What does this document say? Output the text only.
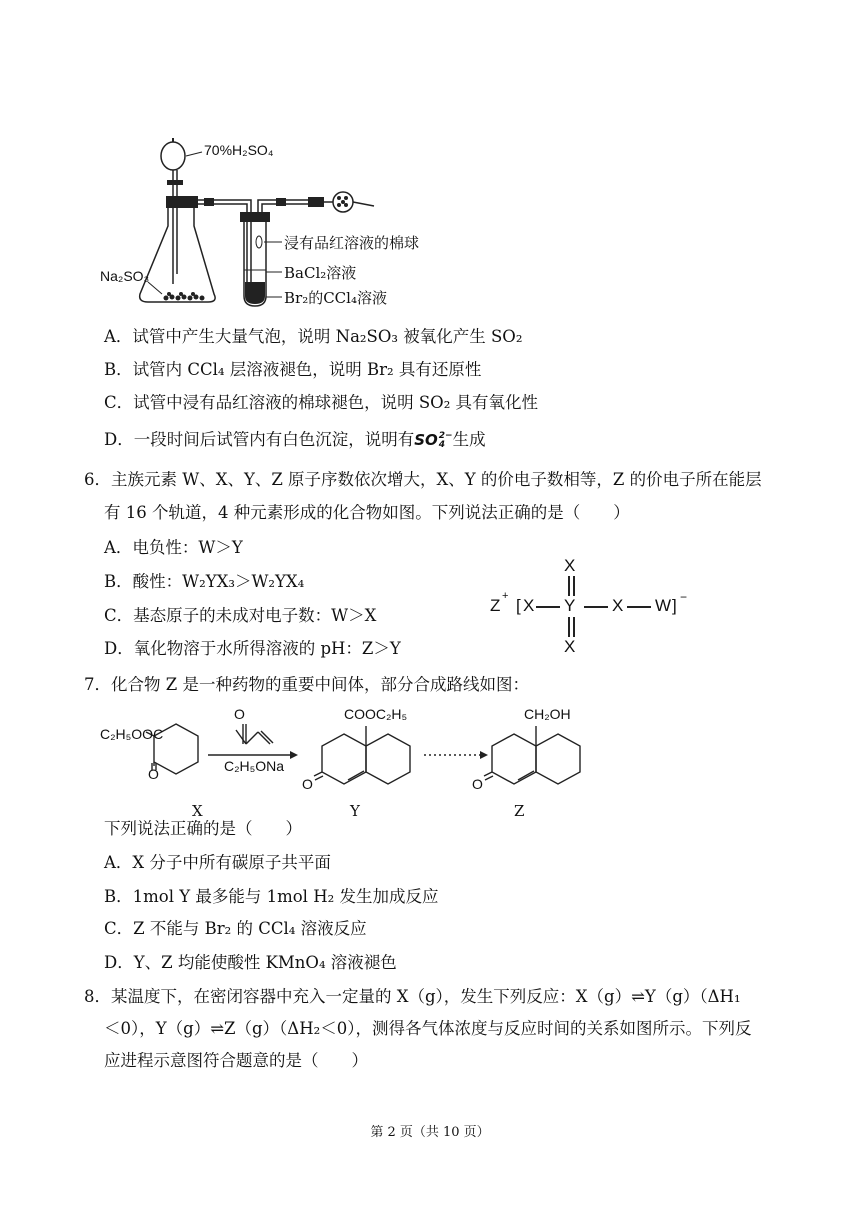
70%H₂SO₄
Na₂SO₃
浸有品红溶液的棉球
BaCl₂溶液
Br₂的CCl₄溶液
A．试管中产生大量气泡，说明 Na₂SO₃ 被氧化产生 SO₂
B．试管内 CCl₄ 层溶液褪色，说明 Br₂ 具有还原性
C．试管中浸有品红溶液的棉球褪色，说明 SO₂ 具有氧化性
D．一段时间后试管内有白色沉淀，说明有SO 2−
4 生成
6．主族元素 W、X、Y、Z 原子序数依次增大，X、Y 的价电子数相等，Z 的价电子所在能层
有 16 个轨道，4 种元素形成的化合物如图。下列说法正确的是（　　）
A．电负性：W＞Y
B．酸性：W₂YX₃＞W₂YX₄
C．基态原子的未成对电子数：W＞X
D．氧化物溶于水所得溶液的 pH：Z＞Y
Z + [ X Y
X
X
X W ] −
7．化合物 Z 是一种药物的重要中间体，部分合成路线如图：
C₂H₅OOC
O
O
C₂H₅ONa
COOC₂H₅
O
CH₂OH
O
X	Y	Z
下列说法正确的是（　　）
A．X 分子中所有碳原子共平面
B．1mol Y 最多能与 1mol H₂ 发生加成反应
C．Z 不能与 Br₂ 的 CCl₄ 溶液反应
D．Y、Z 均能使酸性 KMnO₄ 溶液褪色
8．某温度下，在密闭容器中充入一定量的 X（g），发生下列反应：X（g）⇌Y（g）（ΔH₁
＜0），Y（g）⇌Z（g）（ΔH₂＜0），测得各气体浓度与反应时间的关系如图所示。下列反
应进程示意图符合题意的是（　　）
第 2 页（共 10 页）
